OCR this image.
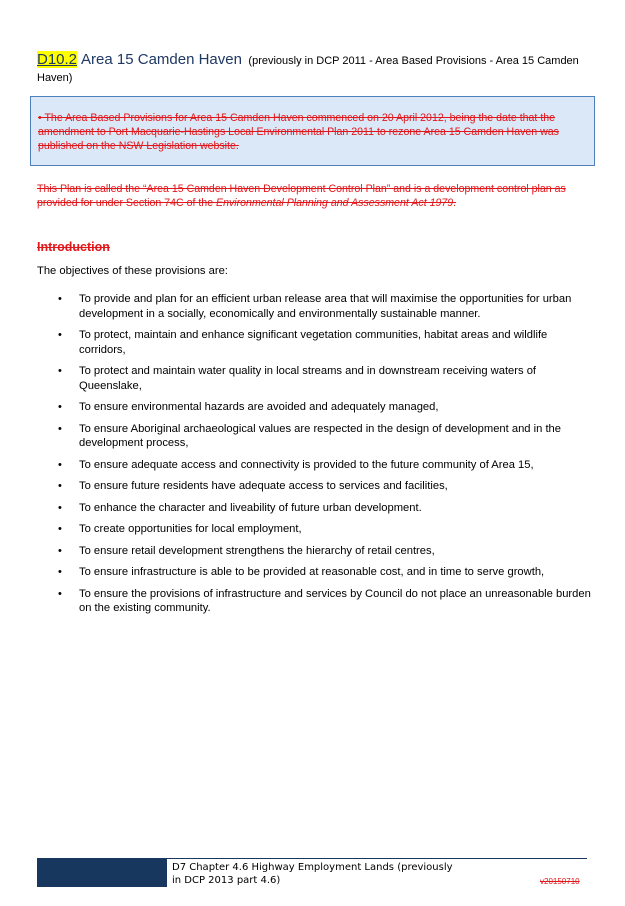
D10.2 Area 15 Camden Haven (previously in DCP 2011 - Area Based Provisions - Area 15 Camden Haven)
• The Area Based Provisions for Area 15 Camden Haven commenced on 20 April 2012, being the date that the amendment to Port Macquarie-Hastings Local Environmental Plan 2011 to rezone Area 15 Camden Haven was published on the NSW Legislation website.
This Plan is called the “Area 15 Camden Haven Development Control Plan” and is a development control plan as provided for under Section 74C of the Environmental Planning and Assessment Act 1979.
Introduction
The objectives of these provisions are:
• To provide and plan for an efficient urban release area that will maximise the opportunities for urban development in a socially, economically and environmentally sustainable manner.
• To protect, maintain and enhance significant vegetation communities, habitat areas and wildlife corridors,
• To protect and maintain water quality in local streams and in downstream receiving waters of Queenslake,
• To ensure environmental hazards are avoided and adequately managed,
• To ensure Aboriginal archaeological values are respected in the design of development and in the development process,
• To ensure adequate access and connectivity is provided to the future community of Area 15,
• To ensure future residents have adequate access to services and facilities,
• To enhance the character and liveability of future urban development.
• To create opportunities for local employment,
• To ensure retail development strengthens the hierarchy of retail centres,
• To ensure infrastructure is able to be provided at reasonable cost, and in time to serve growth,
• To ensure the provisions of infrastructure and services by Council do not place an unreasonable burden on the existing community.
D7 Chapter 4.6 Highway Employment Lands (previously
in DCP 2013 part 4.6)	v20150710
